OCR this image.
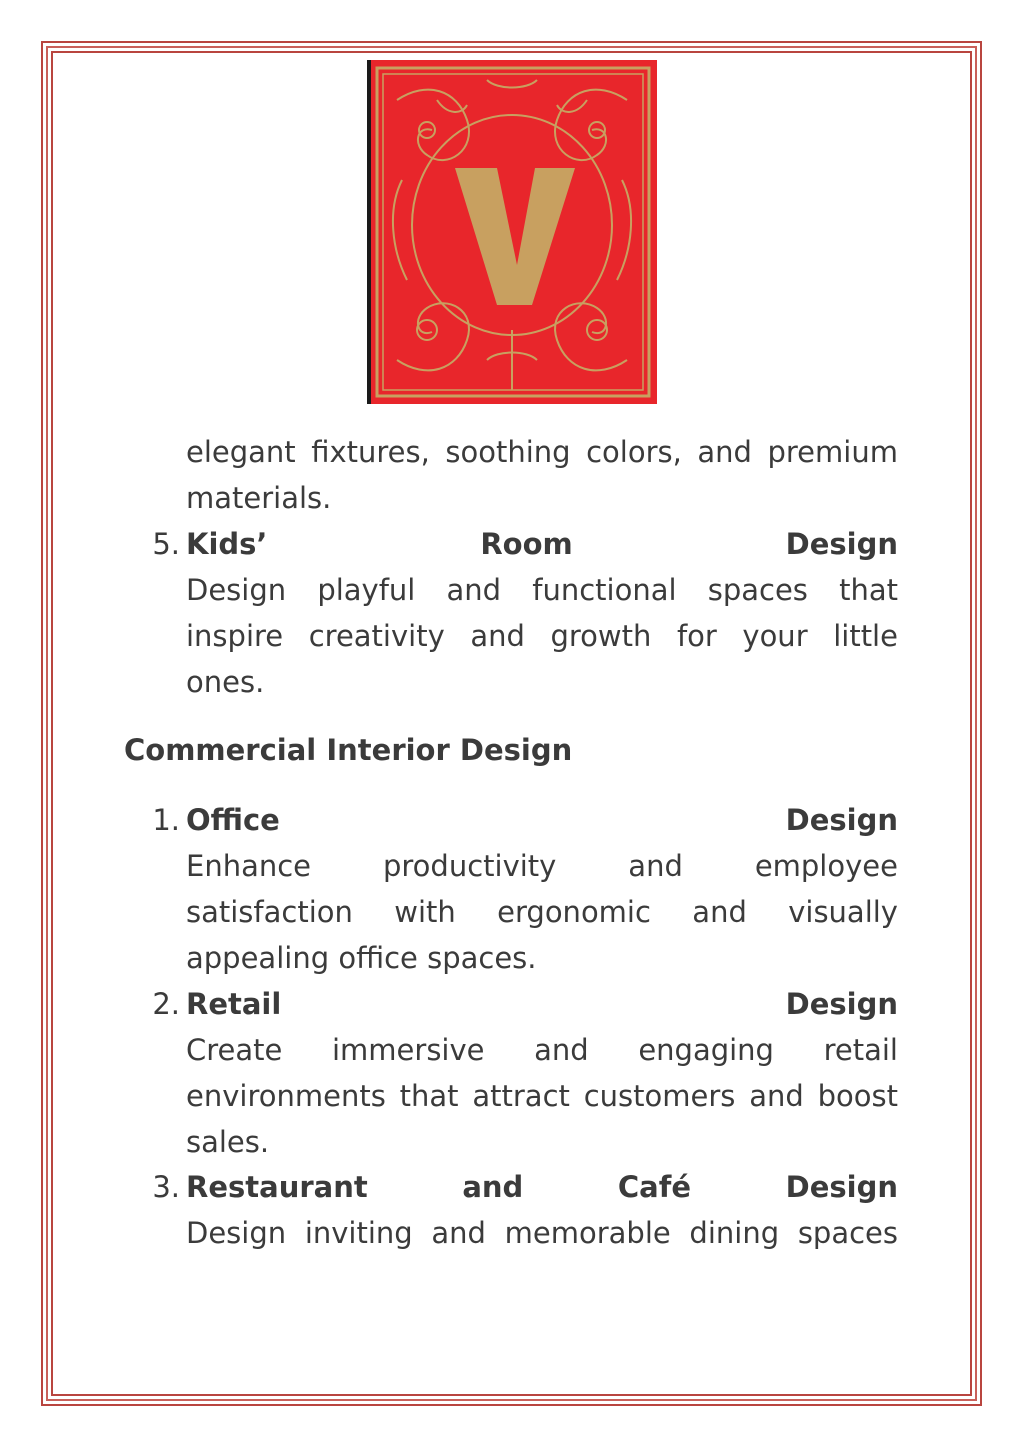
elegant fixtures, soothing colors, and premium
materials.
5. Kids’	Room	Design
Design playful and functional spaces that
inspire creativity and growth for your little
ones.
Commercial Interior Design
1. Office	Design
Enhance productivity and employee
satisfaction with ergonomic and visually
appealing office spaces.
2. Retail	Design
Create immersive and engaging retail
environments that attract customers and boost
sales.
3. Restaurant	and	Café	Design
Design inviting and memorable dining spaces
